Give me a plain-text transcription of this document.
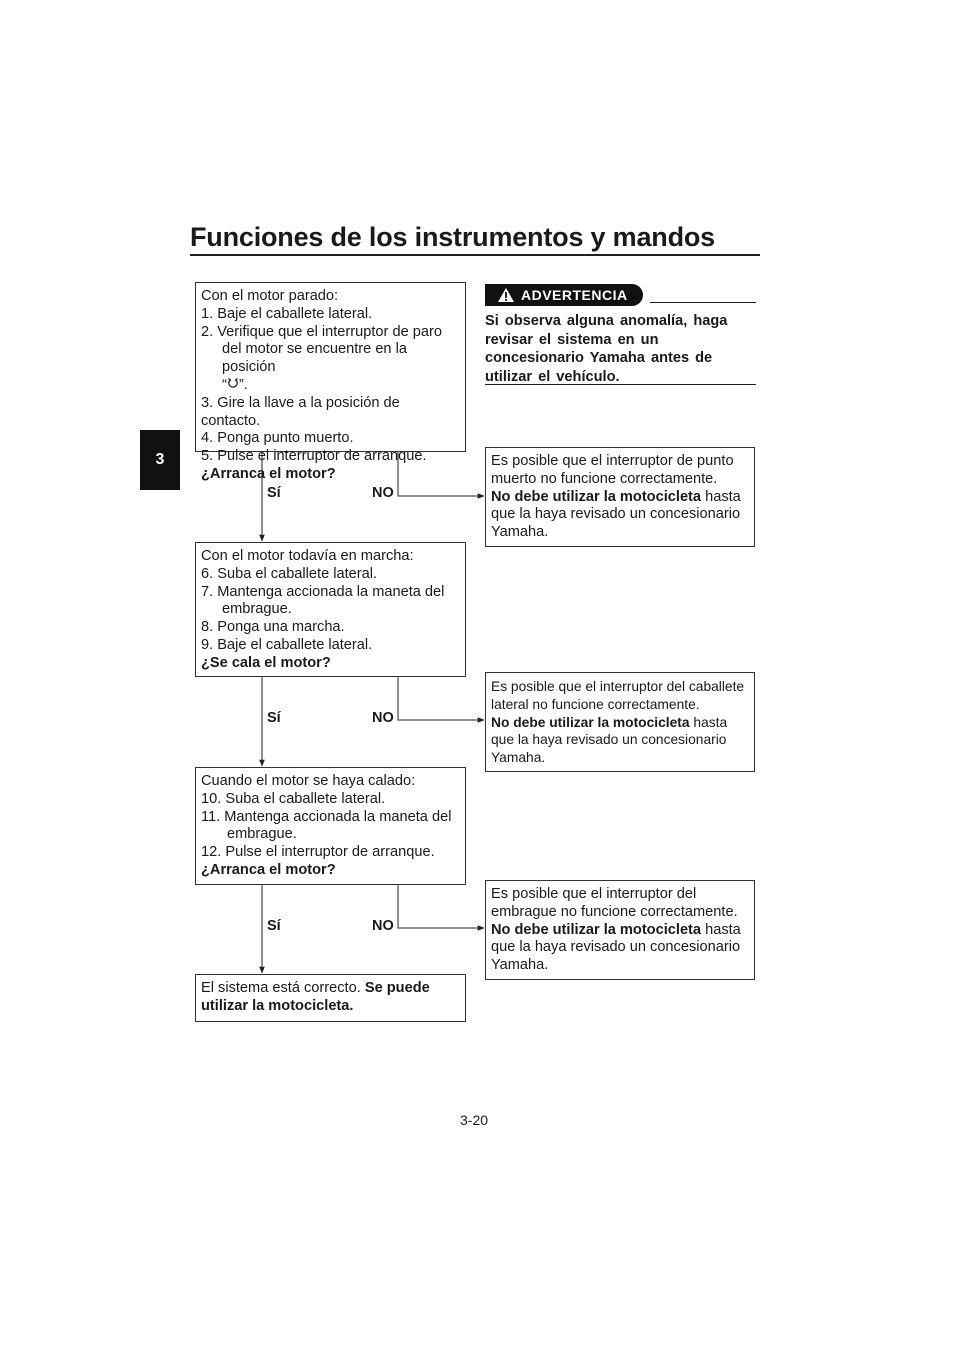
Funciones de los instrumentos y mandos
3

Con el motor parado:

1. Baje el caballete lateral.

2. Verifique que el interruptor de paro

del motor se encuentre en la posición

“ ”.

3. Gire la llave a la posición de contacto.

4. Ponga punto muerto.

5. Pulse el interruptor de arranque.

¿Arranca el motor?

Sí	NO

Con el motor todavía en marcha:

6. Suba el caballete lateral.

7. Mantenga accionada la maneta del

embrague.

8. Ponga una marcha.

9. Baje el caballete lateral.

¿Se cala el motor?

Sí	NO

Cuando el motor se haya calado:

10. Suba el caballete lateral.

11. Mantenga accionada la maneta del

embrague.

12. Pulse el interruptor de arranque.

¿Arranca el motor?

Sí	NO

El sistema está correcto. Se puede

utilizar la motocicleta.

ADVERTENCIA
Si observa alguna anomalía, haga
revisar el sistema en un
concesionario Yamaha antes de
utilizar el vehículo.

Es posible que el interruptor de punto

muerto no funcione correctamente.

No debe utilizar la motocicleta hasta

que la haya revisado un concesionario

Yamaha.

Es posible que el interruptor del caballete

lateral no funcione correctamente.

No debe utilizar la motocicleta hasta

que la haya revisado un concesionario

Yamaha.

Es posible que el interruptor del

embrague no funcione correctamente.

No debe utilizar la motocicleta hasta

que la haya revisado un concesionario

Yamaha.

3-20
